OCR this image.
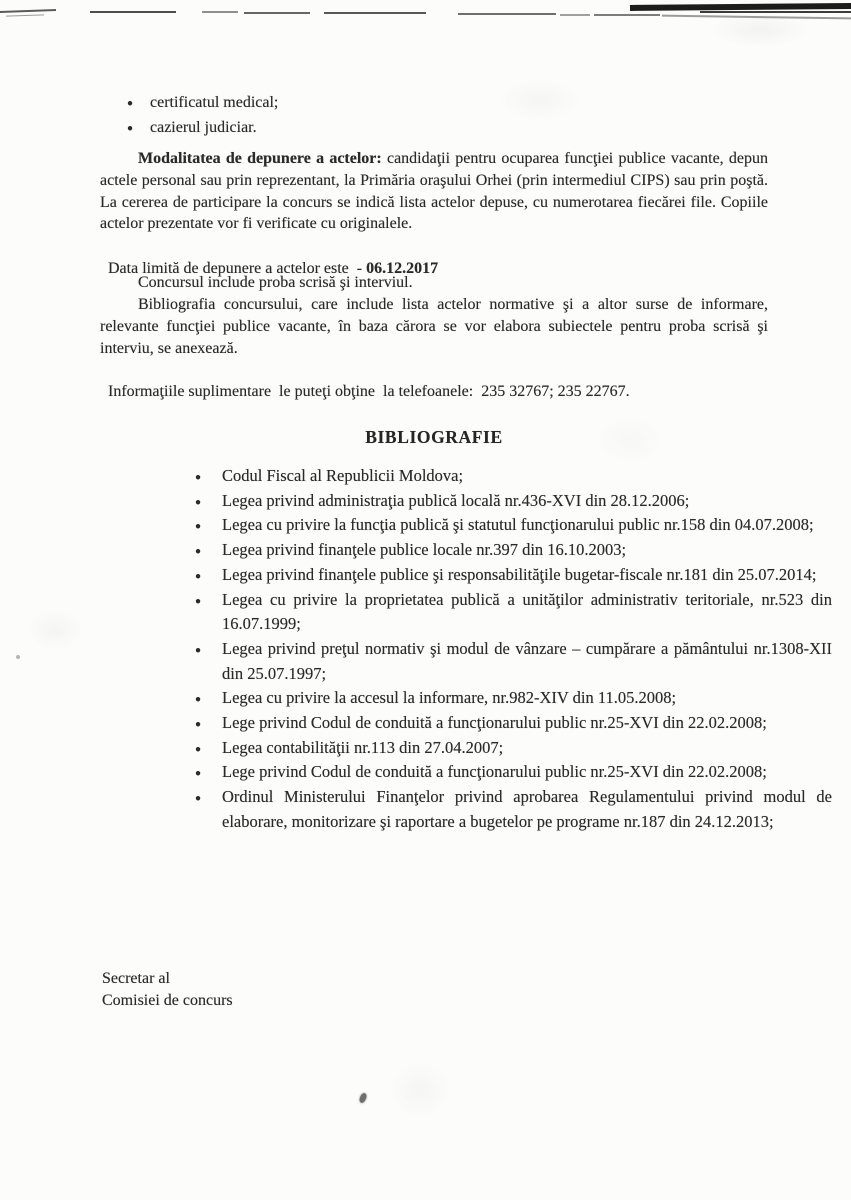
● certificatul medical;
● cazierul judiciar.
Modalitatea de depunere a actelor: candidaţii pentru ocuparea funcţiei publice vacante, depun actele personal sau prin reprezentant, la Primăria oraşului Orhei (prin intermediul CIPS) sau prin poştă. La cererea de participare la concurs se indică lista actelor depuse, cu numerotarea fiecărei file. Copiile actelor prezentate vor fi verificate cu originalele.

Data limită de depunere a actelor este  - 06.12.2017

Concursul include proba scrisă şi interviul.
Bibliografia concursului, care include lista actelor normative şi a altor surse de informare, relevante funcţiei publice vacante, în baza cărora se vor elabora subiectele pentru proba scrisă şi interviu, se anexează.

Informaţiile suplimentare  le puteţi obţine  la telefoanele:  235 32767; 235 22767.

BIBLIOGRAFIE
● Codul Fiscal al Republicii Moldova;
● Legea privind administraţia publică locală nr.436-XVI din 28.12.2006;
● Legea cu privire la funcţia publică şi statutul funcţionarului public nr.158 din 04.07.2008;
● Legea privind finanţele publice locale nr.397 din 16.10.2003;
● Legea privind finanţele publice şi responsabilităţile bugetar-fiscale nr.181 din 25.07.2014;
● Legea cu privire la proprietatea publică a unităţilor administrativ teritoriale, nr.523 din 16.07.1999;
● Legea privind preţul normativ şi modul de vânzare – cumpărare a pământului nr.1308-XII din 25.07.1997;
● Legea cu privire la accesul la informare, nr.982-XIV din 11.05.2008;
● Lege privind Codul de conduită a funcţionarului public nr.25-XVI din 22.02.2008;
● Legea contabilităţii nr.113 din 27.04.2007;
● Lege privind Codul de conduită a funcţionarului public nr.25-XVI din 22.02.2008;
● Ordinul Ministerului Finanţelor privind aprobarea Regulamentului privind modul de elaborare, monitorizare şi raportare a bugetelor pe programe nr.187 din 24.12.2013;
Secretar al
Comisiei de concurs
